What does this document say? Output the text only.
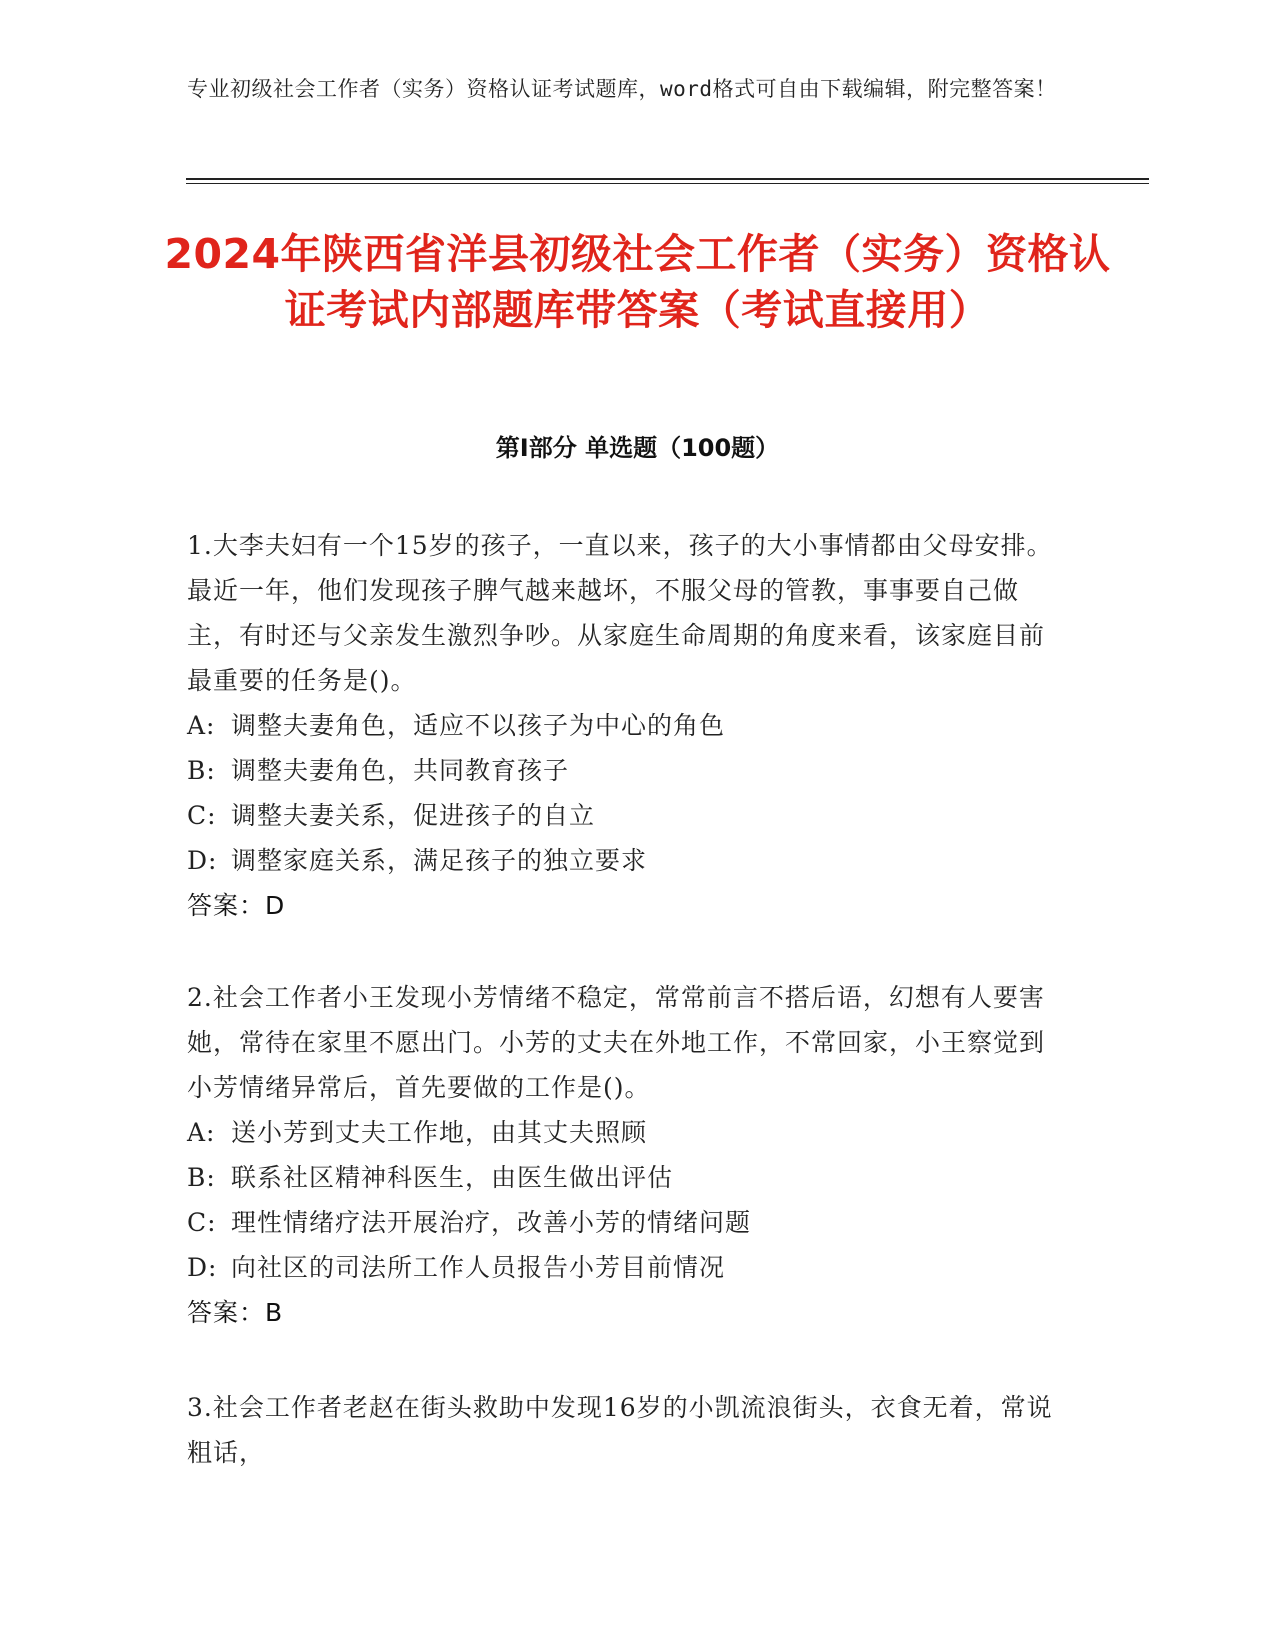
专业初级社会工作者（实务）资格认证考试题库，word格式可自由下载编辑，附完整答案！
2024年陕西省洋县初级社会工作者（实务）资格认证考试内部题库带答案（考试直接用）
第I部分 单选题（100题）

1.大李夫妇有一个15岁的孩子，一直以来，孩子的大小事情都由父母安排。最近一年，他们发现孩子脾气越来越坏，不服父母的管教，事事要自己做主，有时还与父亲发生激烈争吵。从家庭生命周期的角度来看，该家庭目前最重要的任务是()。

A: 调整夫妻角色，适应不以孩子为中心的角色

B: 调整夫妻角色，共同教育孩子

C: 调整夫妻关系，促进孩子的自立

D: 调整家庭关系，满足孩子的独立要求

答案：D

2.社会工作者小王发现小芳情绪不稳定，常常前言不搭后语，幻想有人要害她，常待在家里不愿出门。小芳的丈夫在外地工作，不常回家，小王察觉到小芳情绪异常后，首先要做的工作是()。

A: 送小芳到丈夫工作地，由其丈夫照顾

B: 联系社区精神科医生，由医生做出评估

C: 理性情绪疗法开展治疗，改善小芳的情绪问题

D: 向社区的司法所工作人员报告小芳目前情况

答案：B

3.社会工作者老赵在街头救助中发现16岁的小凯流浪街头，衣食无着，常说粗话，
